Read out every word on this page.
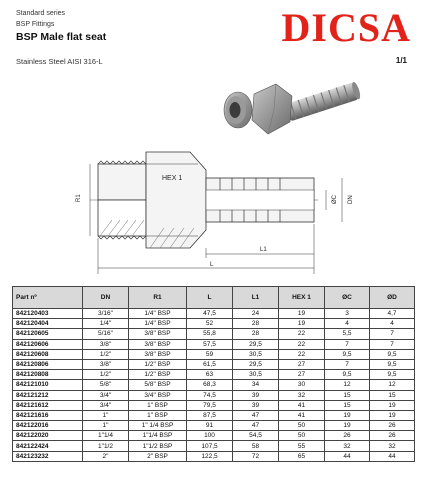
Standard series
BSP Fittings
BSP Male flat seat
Stainless Steel AISI 316-L	1/1
DICSA
HEX 1
R1	ØC DN
L1
L
Part nº	DN	R1	L	L1	HEX 1	ØC	ØD
842120403	3/16"	1/4" BSP	47,5	24	19	3	4,7
842120404	1/4"	1/4" BSP	52	28	19	4	4
842120605	5/16"	3/8" BSP	55,8	28	22	5,5	7
842120606	3/8"	3/8" BSP	57,5	29,5	22	7	7
842120608	1/2"	3/8" BSP	59	30,5	22	9,5	9,5
842120806	3/8"	1/2" BSP	61,5	29,5	27	7	9,5
842120808	1/2"	1/2" BSP	63	30,5	27	9,5	9,5
842121010	5/8"	5/8" BSP	68,3	34	30	12	12
842121212	3/4"	3/4" BSP	74,5	39	32	15	15
842121612	3/4"	1" BSP	79,5	39	41	15	19
842121616	1"	1" BSP	87,5	47	41	19	19
842122016	1"	1" 1/4 BSP	91	47	50	19	26
842122020	1"1/4	1"1/4 BSP	100	54,5	50	26	26
842122424	1"1/2	1"1/2 BSP	107,5	58	55	32	32
842123232	2"	2" BSP	122,5	72	65	44	44
